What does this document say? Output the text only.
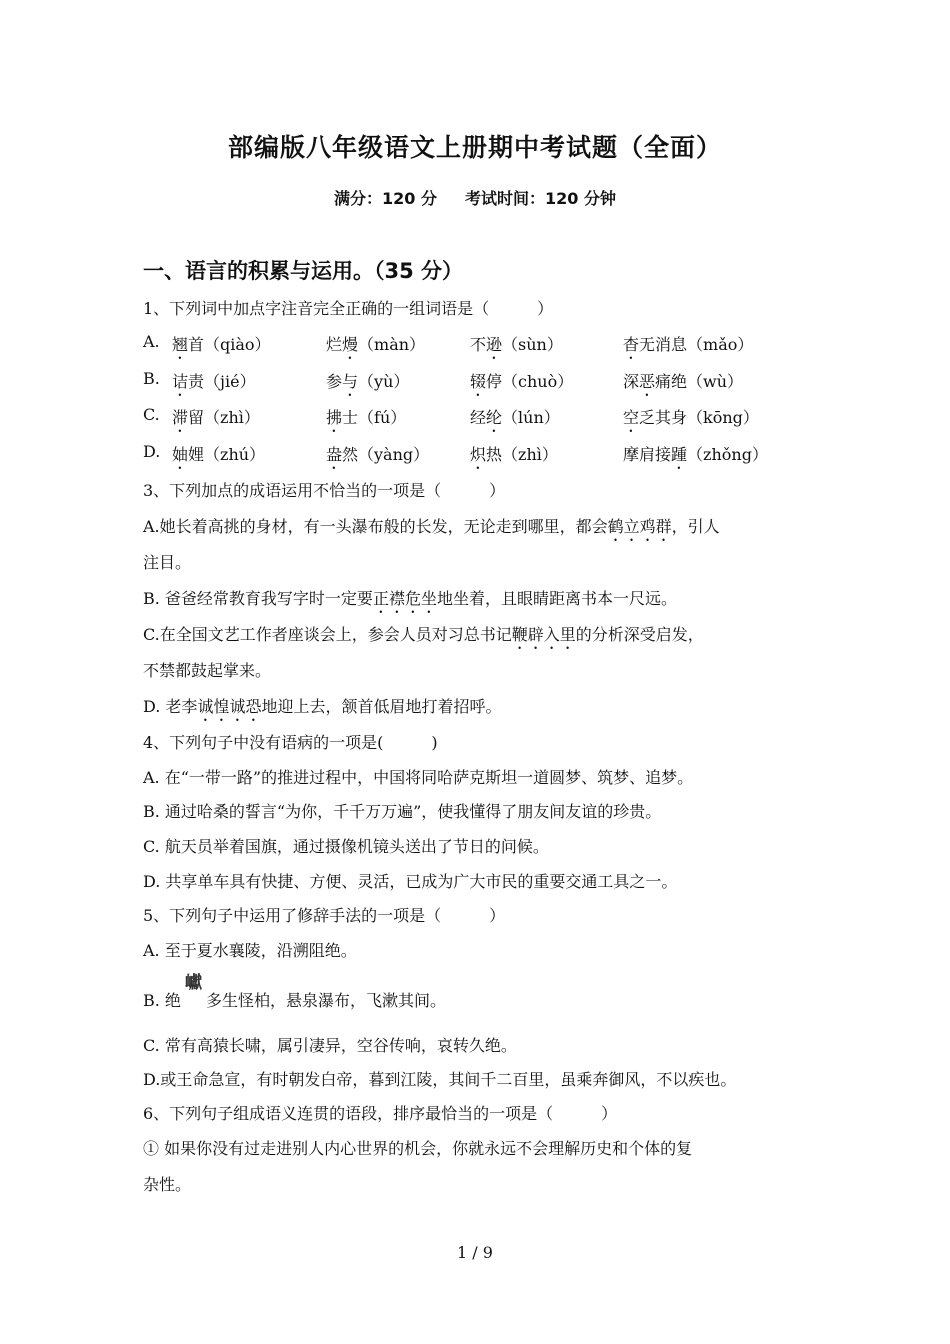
部编版八年级语文上册期中考试题（全面）
满分：120 分 考试时间：120 分钟
一、语言的积累与运用。（35 分）
1、下列词中加点字注音完全正确的一组词语是（　　　）
A. 翘首（qiào）	烂熳（màn）	不逊（sùn）	杳无消息（mǎo）
B. 诘责（jié）	参与（yù）	辍停（chuò）	深恶痛绝（wù）
C. 滞留（zhì）	拂士（fú）	经纶（lún）	空乏其身（kōng）
D. 妯娌（zhú）	盎然（yàng）	炽热（zhì）	摩肩接踵（zhǒng）
3、下列加点的成语运用不恰当的一项是（　　　）
A.她长着高挑的身材，有一头瀑布般的长发，无论走到哪里，都会鹤立鸡群，引人
注目。
B. 爸爸经常教育我写字时一定要正襟危坐地坐着，且眼睛距离书本一尺远。
C.在全国文艺工作者座谈会上，参会人员对习总书记鞭辟入里的分析深受启发，
不禁都鼓起掌来。
D. 老李诚惶诚恐地迎上去，颔首低眉地打着招呼。
4、下列句子中没有语病的一项是(　　　)
A. 在“一带一路”的推进过程中，中国将同哈萨克斯坦一道圆梦、筑梦、追梦。
B. 通过哈桑的誓言“为你，千千万万遍”，使我懂得了朋友间友谊的珍贵。
C. 航天员举着国旗，通过摄像机镜头送出了节日的问候。
D. 共享单车具有快捷、方便、灵活，已成为广大市民的重要交通工具之一。
5、下列句子中运用了修辞手法的一项是（　　　）
A. 至于夏水襄陵，沿溯阻绝。
B. 绝巘多生怪柏，悬泉瀑布，飞漱其间。
C. 常有高猿长啸，属引凄异，空谷传响，哀转久绝。
D.或王命急宣，有时朝发白帝，暮到江陵，其间千二百里，虽乘奔御风，不以疾也。
6、下列句子组成语义连贯的语段，排序最恰当的一项是（　　　）
① 如果你没有过走进别人内心世界的机会，你就永远不会理解历史和个体的复
杂性。
1 / 9
